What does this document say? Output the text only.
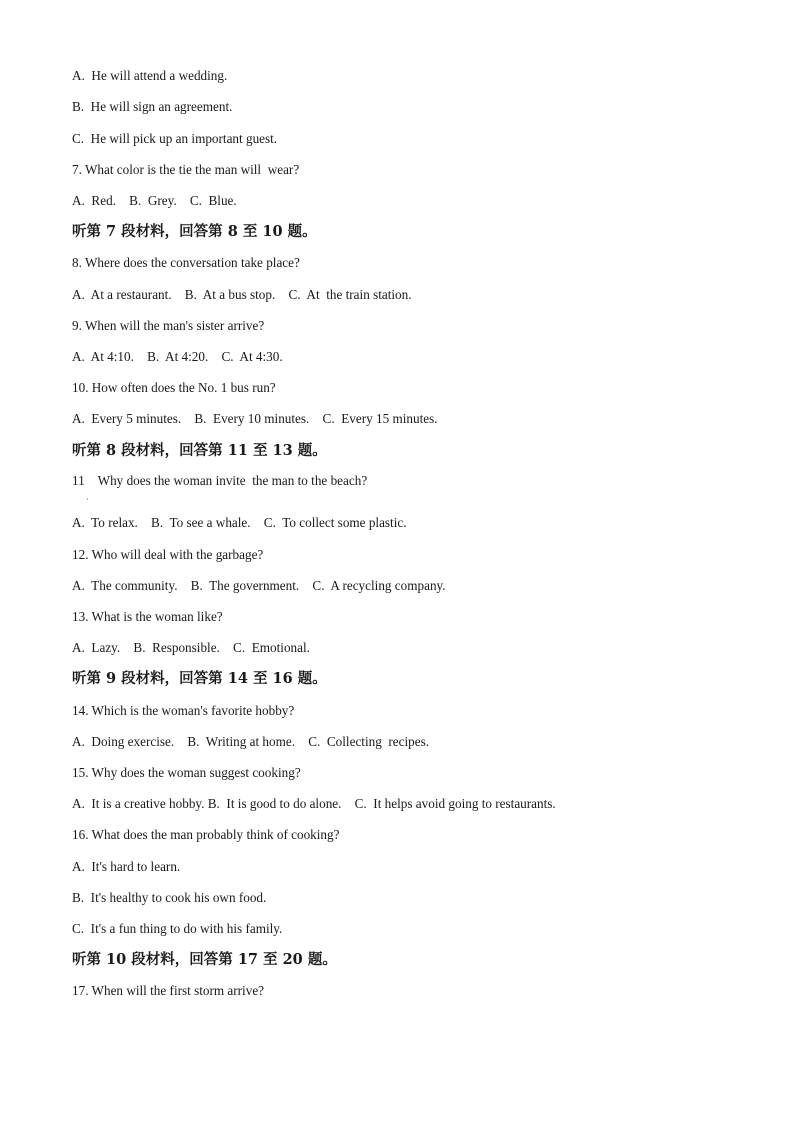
A.  He will attend a wedding.
B.  He will sign an agreement.
C.  He will pick up an important guest.
7. What color is the tie the man will  wear?
A.  Red.    B.  Grey.    C.  Blue.
听第 7 段材料，回答第 8 至 10 题。
8. Where does the conversation take place?
A.  At a restaurant.    B.  At a bus stop.    C.  At  the train station.
9. When will the man's sister arrive?
A.  At 4:10.    B.  At 4:20.    C.  At 4:30.
10. How often does the No. 1 bus run?
A.  Every 5 minutes.    B.  Every 10 minutes.    C.  Every 15 minutes.
听第 8 段材料，回答第 11 至 13 题。
11    Why does the woman invite  the man to the beach?
·
A.  To relax.    B.  To see a whale.    C.  To collect some plastic.
12. Who will deal with the garbage?
A.  The community.    B.  The government.    C.  A recycling company.
13. What is the woman like?
A.  Lazy.    B.  Responsible.    C.  Emotional.
听第 9 段材料，回答第 14 至 16 题。
14. Which is the woman's favorite hobby?
A.  Doing exercise.    B.  Writing at home.    C.  Collecting  recipes.
15. Why does the woman suggest cooking?
A.  It is a creative hobby. B.  It is good to do alone.    C.  It helps avoid going to restaurants.
16. What does the man probably think of cooking?
A.  It's hard to learn.
B.  It's healthy to cook his own food.
C.  It's a fun thing to do with his family.
听第 10 段材料，回答第 17 至 20 题。
17. When will the first storm arrive?
